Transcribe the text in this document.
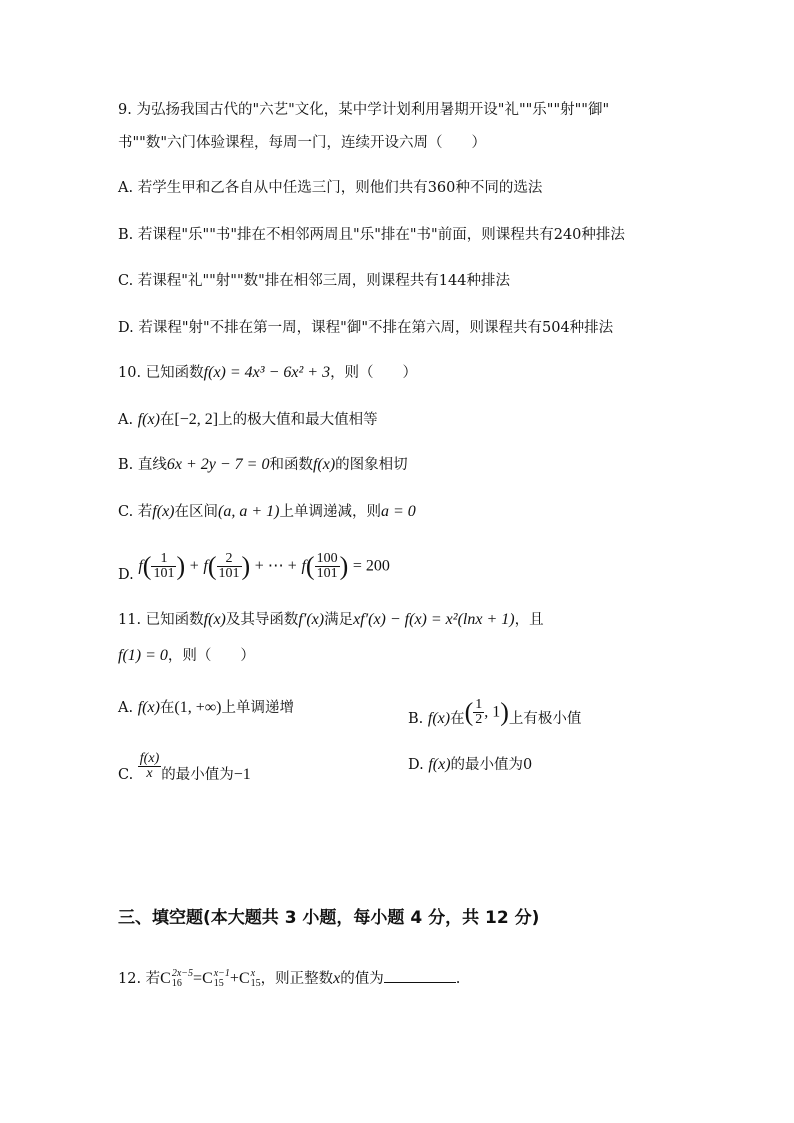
9. 为弘扬我国古代的"六艺"文化，某中学计划利用暑期开设"礼""乐""射""御"
书""数"六门体验课程，每周一门，连续开设六周（　　）
A. 若学生甲和乙各自从中任选三门，则他们共有360种不同的选法
B. 若课程"乐""书"排在不相邻两周且"乐"排在"书"前面，则课程共有240种排法
C. 若课程"礼""射""数"排在相邻三周，则课程共有144种排法
D. 若课程"射"不排在第一周，课程"御"不排在第六周，则课程共有504种排法
10. 已知函数f(x) = 4x³ − 6x² + 3，则（　　）
A. f(x)在[−2, 2]上的极大值和最大值相等
B. 直线6x + 2y − 7 = 0和函数f(x)的图象相切
C. 若f(x)在区间(a, a + 1)上单调递减，则a = 0
D. $f( \frac{1}{101}$ ) + $f( \frac{2}{101}$ ) + ⋯ + $f( \frac{100}{101}$ ) = 200
11. 已知函数f(x)及其导函数f′(x)满足xf′(x) − f(x) = x²(lnx + 1)，且
f(1) = 0，则（　　）
A. f(x)在(1, +∞)上单调递增
B. f(x)在( $\frac{1}{2}$ , 1)上有极小值
C. $\frac{f(x)}{x}$ 的最小值为−1
D. f(x)的最小值为0
三、填空题(本大题共 3 小题，每小题 4 分，共 12 分)
12. 若C 2x−5
16 =C x−1
15 +C x
15 ，则正整数x的值为	.
